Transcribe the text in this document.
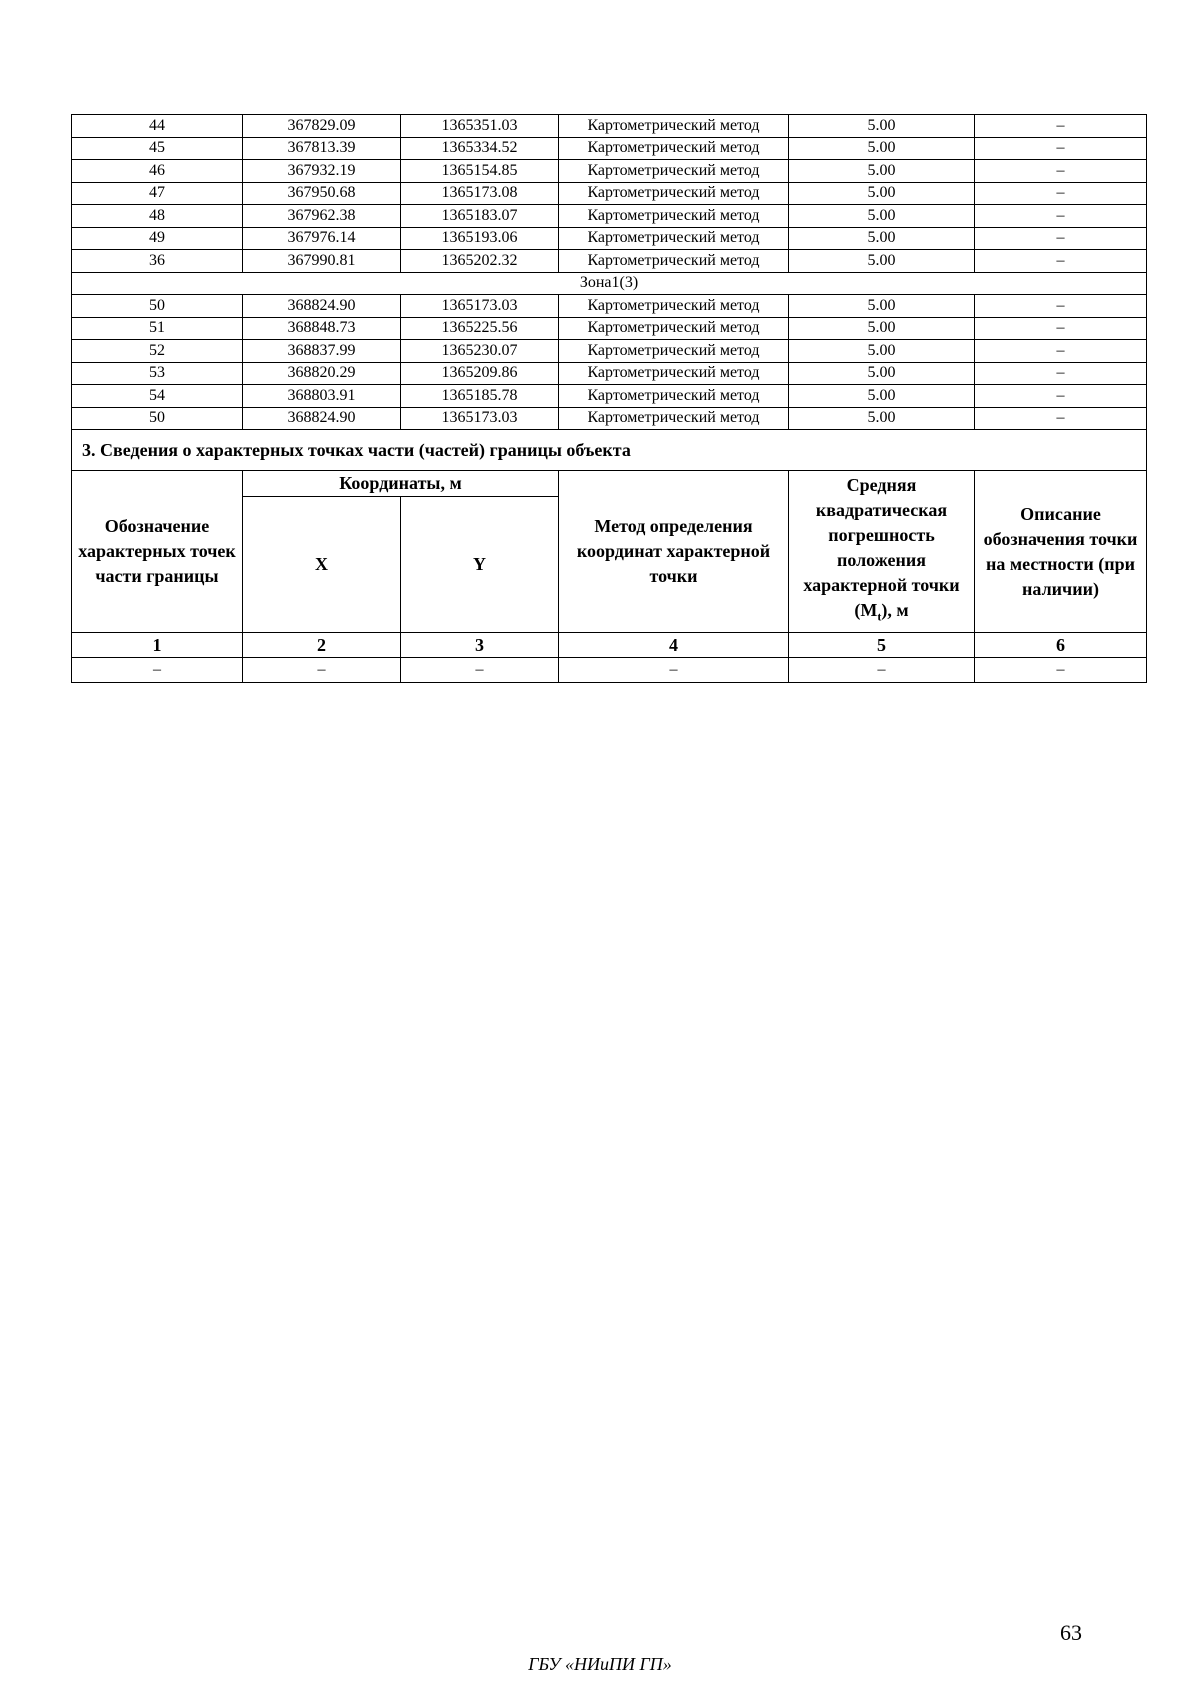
44	367829.09	1365351.03	Картометрический метод	5.00	–
45	367813.39	1365334.52	Картометрический метод	5.00	–
46	367932.19	1365154.85	Картометрический метод	5.00	–
47	367950.68	1365173.08	Картометрический метод	5.00	–
48	367962.38	1365183.07	Картометрический метод	5.00	–
49	367976.14	1365193.06	Картометрический метод	5.00	–
36	367990.81	1365202.32	Картометрический метод	5.00	–
Зона1(3)					
50	368824.90	1365173.03	Картометрический метод	5.00	–
51	368848.73	1365225.56	Картометрический метод	5.00	–
52	368837.99	1365230.07	Картометрический метод	5.00	–
53	368820.29	1365209.86	Картометрический метод	5.00	–
54	368803.91	1365185.78	Картометрический метод	5.00	–
50	368824.90	1365173.03	Картометрический метод	5.00	–
3. Сведения о характерных точках части (частей) границы объекта					
Обозначение характерных точек части границы	Координаты, м		Метод определения координат характерной точки	Средняя квадратическая погрешность положения характерной точки $(M_t)$, м	Описание обозначения точки на местности (при наличии)
	X	Y			
1	2	3	4	5	6
–	–	–	–	–	–
63
ГБУ «НИиПИ ГП»
